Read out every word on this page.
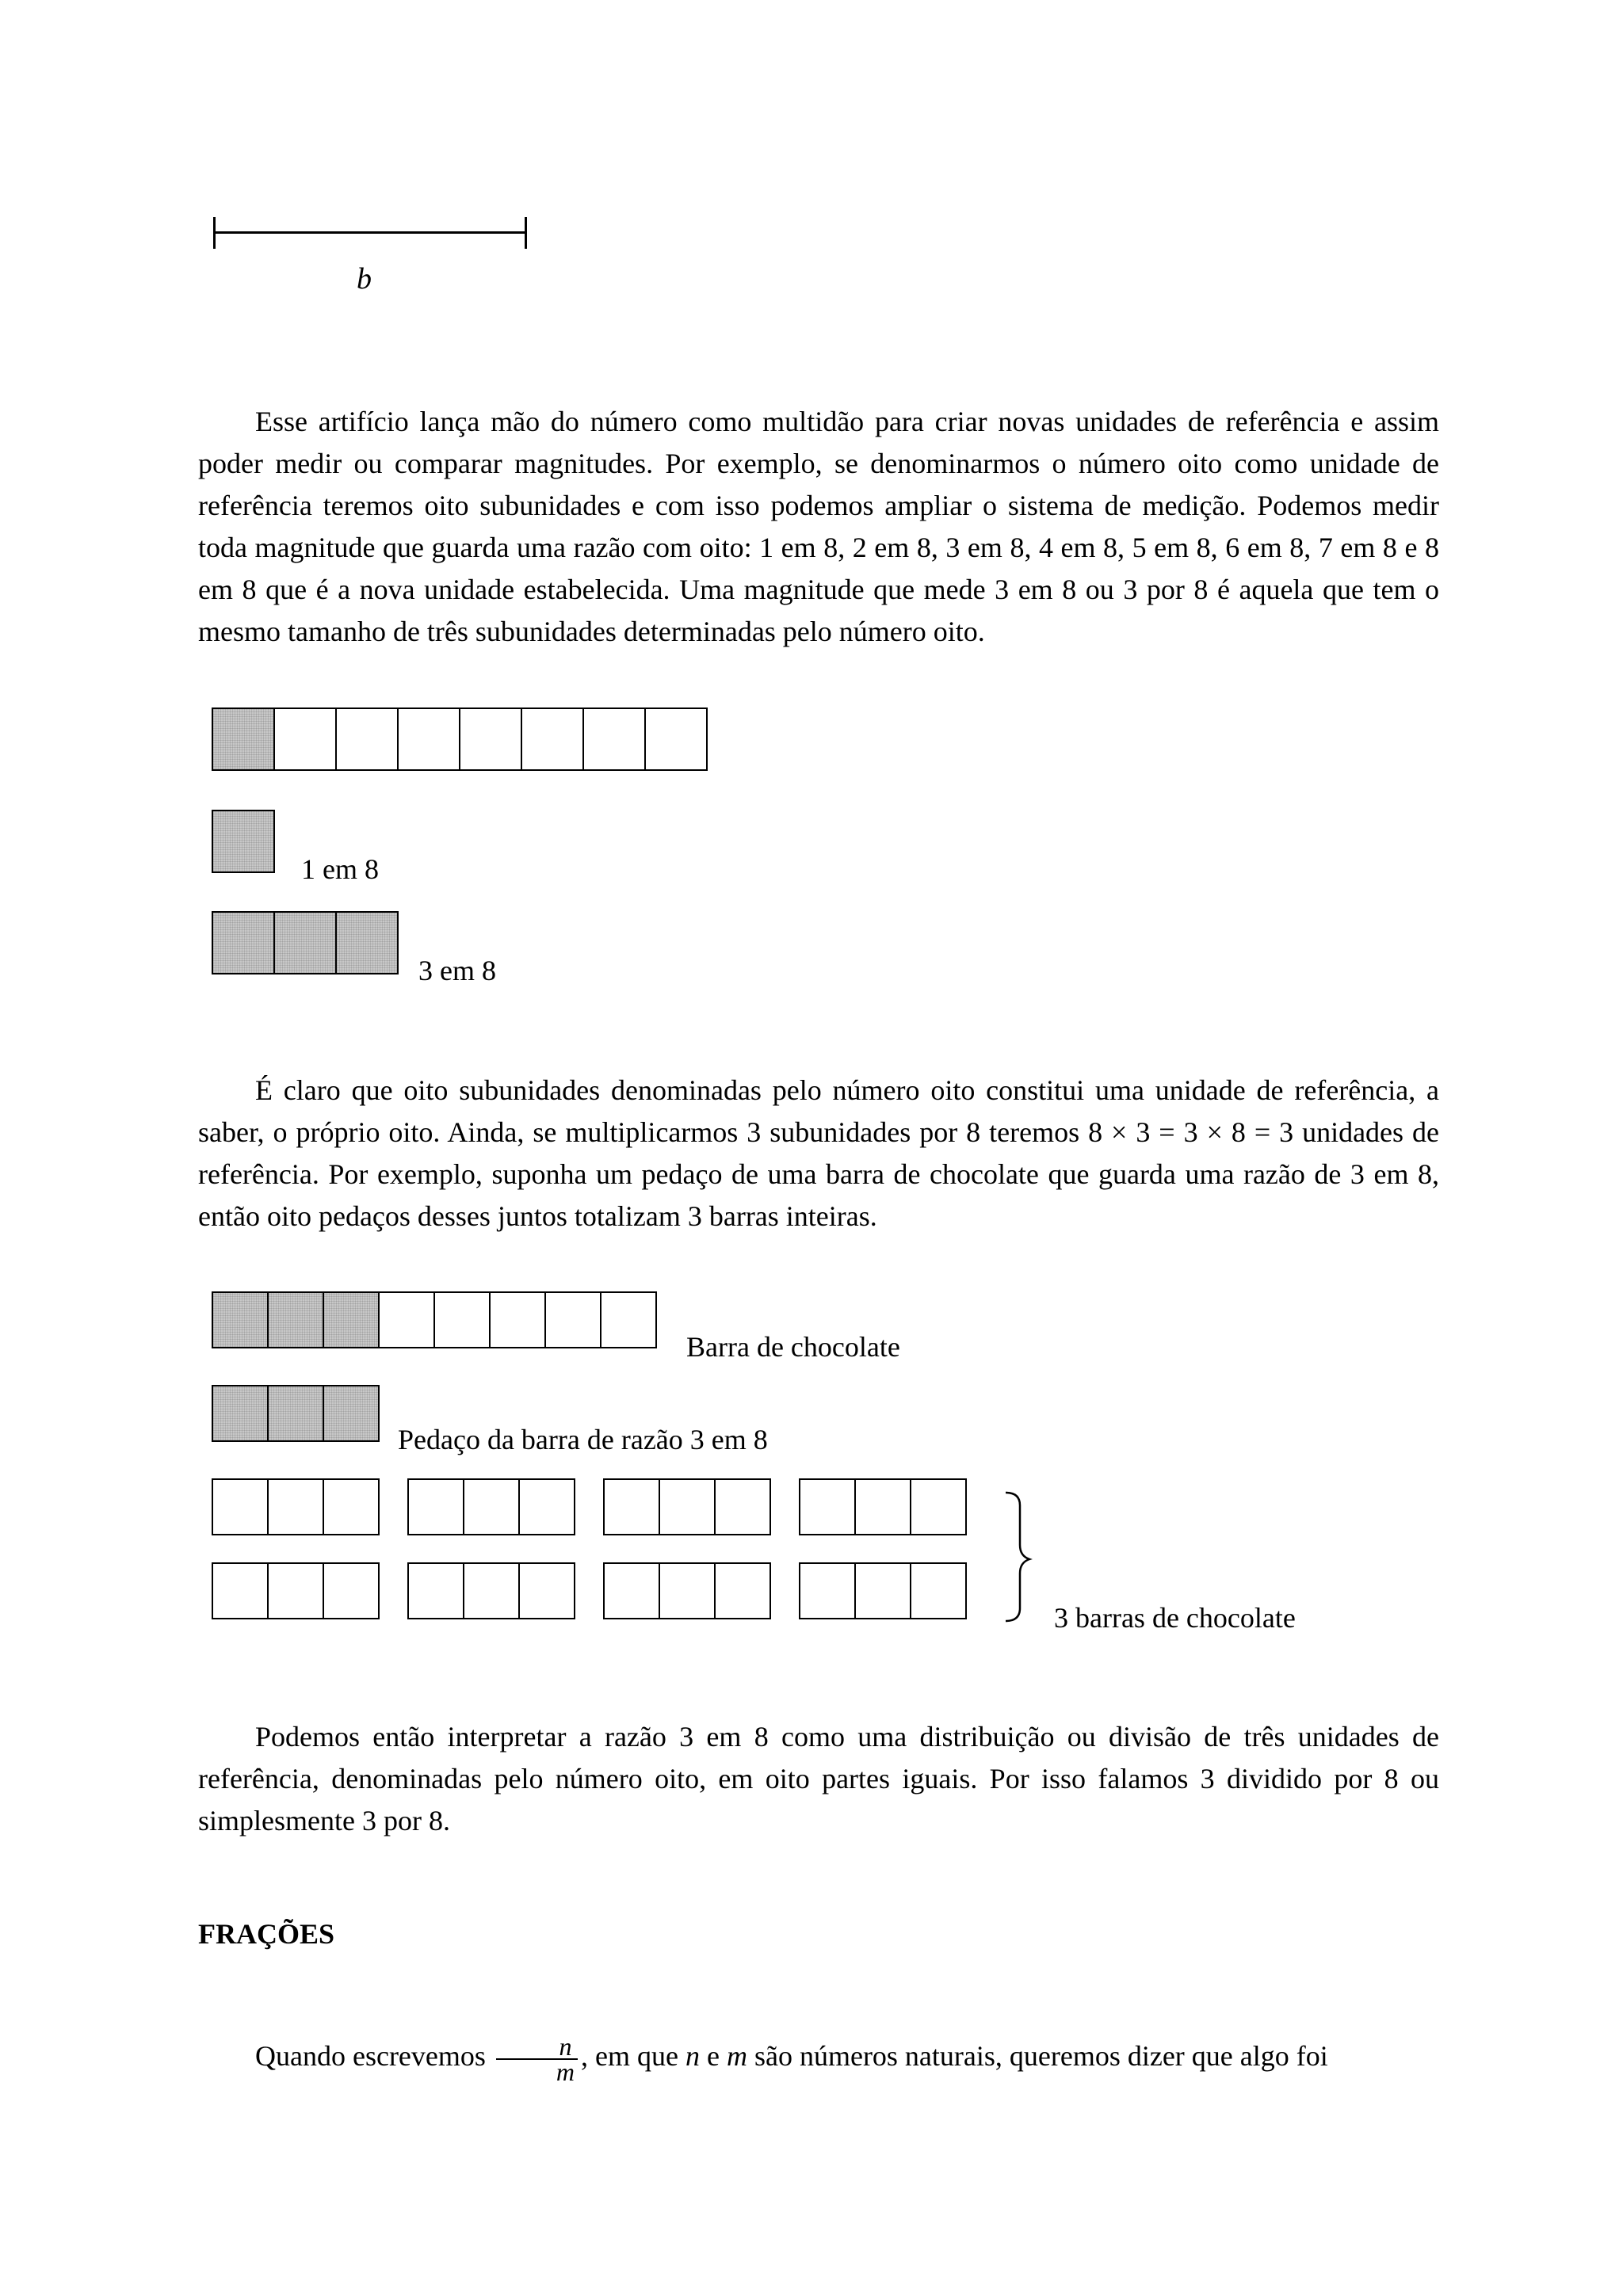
b

Esse artifício lança mão do número como multidão para criar novas unidades de referência e assim poder medir ou comparar magnitudes. Por exemplo, se denominarmos o número oito como unidade de referência teremos oito subunidades e com isso podemos ampliar o sistema de medição. Podemos medir toda magnitude que guarda uma razão com oito: 1 em 8, 2 em 8, 3 em 8, 4 em 8, 5 em 8, 6 em 8, 7 em 8 e 8 em 8 que é a nova unidade estabelecida. Uma magnitude que mede 3 em 8 ou 3 por 8 é aquela que tem o mesmo tamanho de três subunidades determinadas pelo número oito.

1 em 8
3 em 8

É claro que oito subunidades denominadas pelo número oito constitui uma unidade de referência, a saber, o próprio oito. Ainda, se multiplicarmos 3 subunidades por 8 teremos 8 × 3 = 3 × 8 = 3 unidades de referência. Por exemplo, suponha um pedaço de uma barra de chocolate que guarda uma razão de 3 em 8, então oito pedaços desses juntos totalizam 3 barras inteiras.

Barra de chocolate
Pedaço da barra de razão 3 em 8
3 barras de chocolate

Podemos então interpretar a razão 3 em 8 como uma distribuição ou divisão de três unidades de referência, denominadas pelo número oito, em oito partes iguais. Por isso falamos 3 dividido por 8 ou simplesmente 3 por 8.

FRAÇÕES

Quando escrevemos $\frac{n}{m}$ , em que n e m são números naturais, queremos dizer que algo foi
